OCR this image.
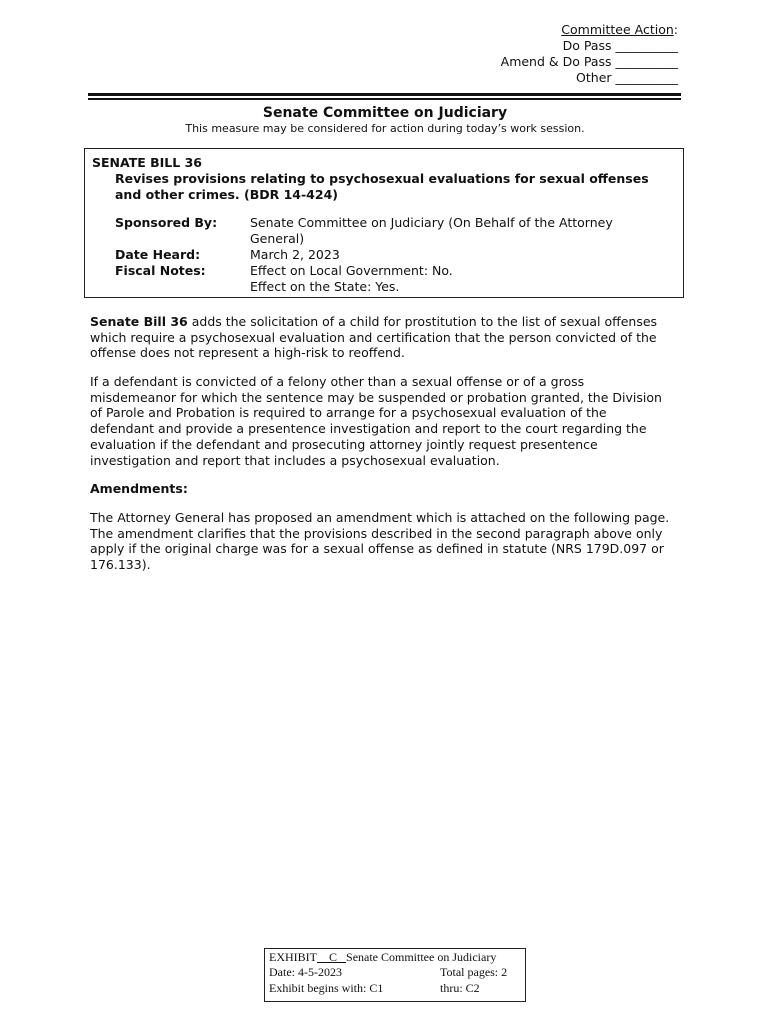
Committee Action:
Do Pass __________
Amend & Do Pass __________
Other __________
Senate Committee on Judiciary
This measure may be considered for action during today’s work session.
SENATE BILL 36
Revises provisions relating to psychosexual evaluations for sexual offenses
and other crimes. (BDR 14-424)
Sponsored By:	Senate Committee on Judiciary (On Behalf of the Attorney
General)
Date Heard:	March 2, 2023
Fiscal Notes:	Effect on Local Government: No.
Effect on the State: Yes.
Senate Bill 36 adds the solicitation of a child for prostitution to the list of sexual offenses
which require a psychosexual evaluation and certification that the person convicted of the
offense does not represent a high-risk to reoffend.
If a defendant is convicted of a felony other than a sexual offense or of a gross
misdemeanor for which the sentence may be suspended or probation granted, the Division
of Parole and Probation is required to arrange for a psychosexual evaluation of the
defendant and provide a presentence investigation and report to the court regarding the
evaluation if the defendant and prosecuting attorney jointly request presentence
investigation and report that includes a psychosexual evaluation.
Amendments:
The Attorney General has proposed an amendment which is attached on the following page.
The amendment clarifies that the provisions described in the second paragraph above only
apply if the original charge was for a sexual offense as defined in statute (NRS 179D.097 or
176.133).
EXHIBIT C Senate Committee on Judiciary
Date: 4-5-2023	Total pages: 2
Exhibit begins with: C1	thru: C2
